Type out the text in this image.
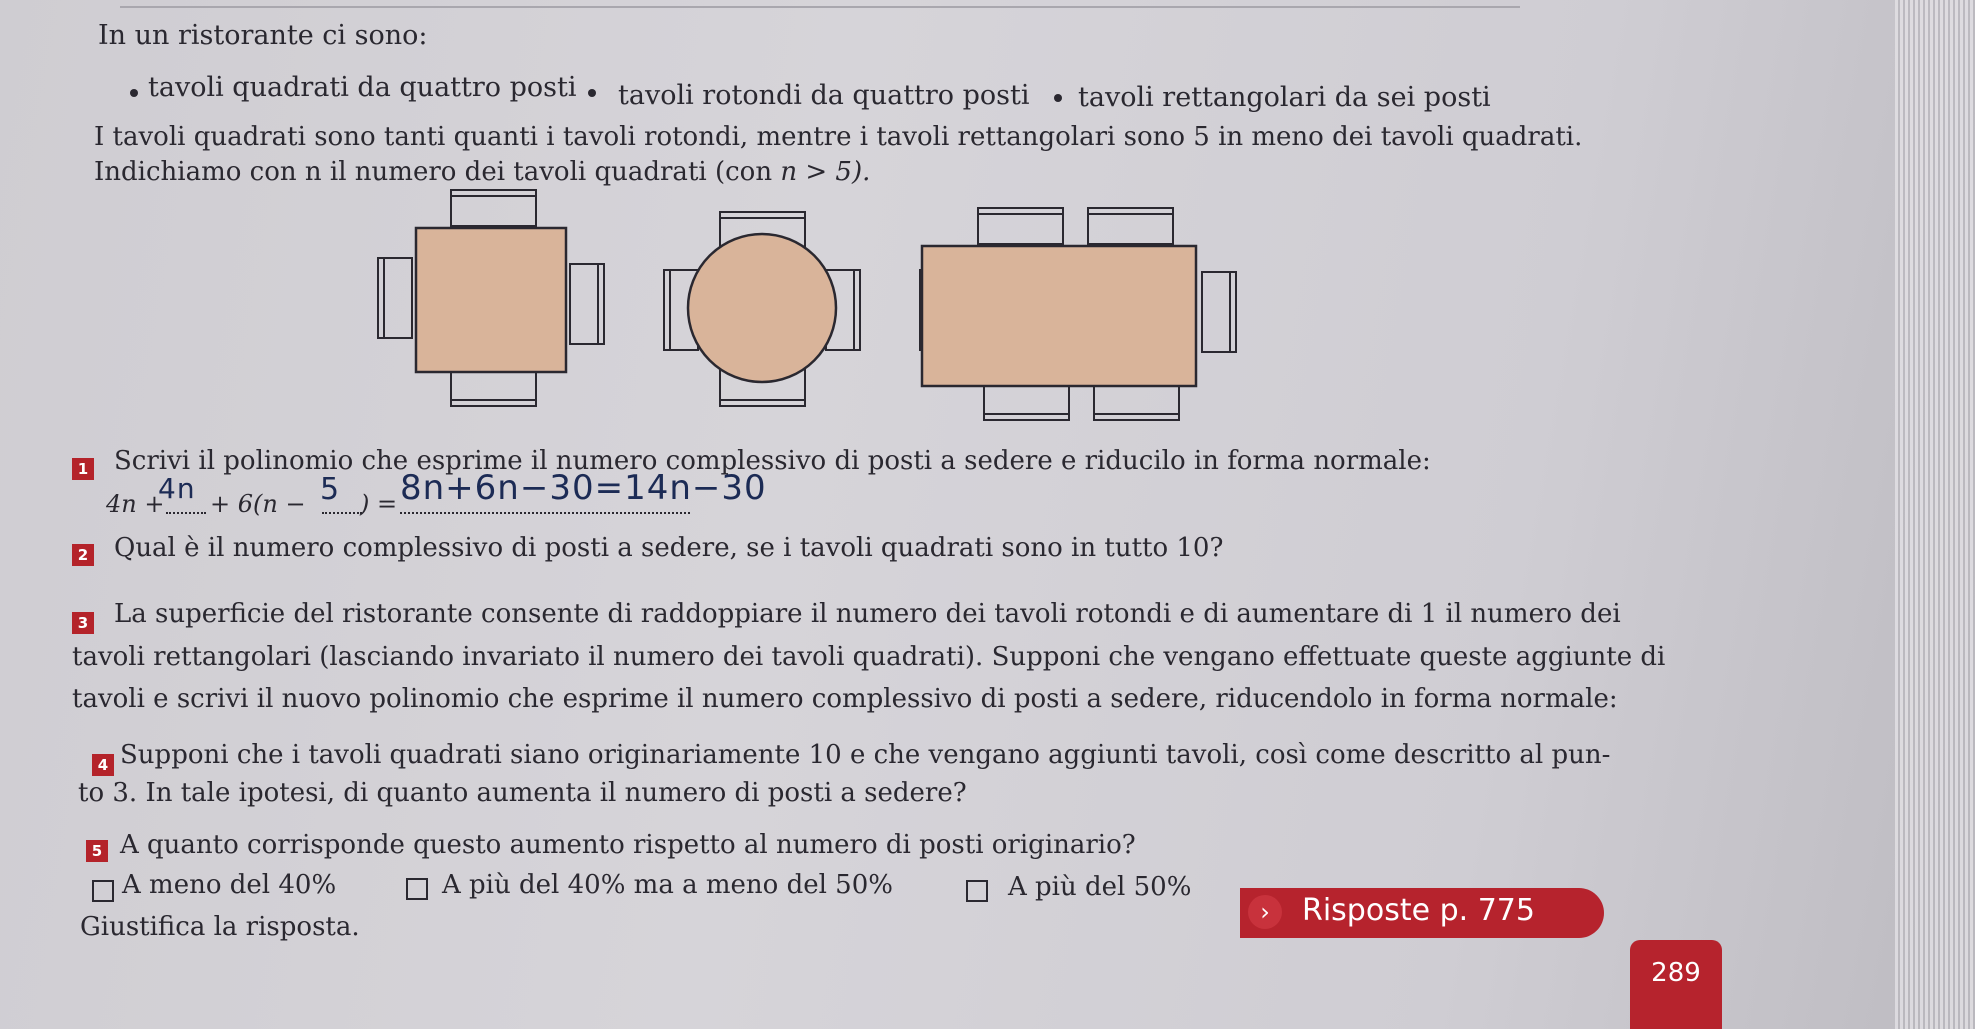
In un ristorante ci sono:
tavoli quadrati da quattro posti tavoli rotondi da quattro posti tavoli rettangolari da sei posti
I tavoli quadrati sono tanti quanti i tavoli rotondi, mentre i tavoli rettangolari sono 5 in meno dei tavoli quadrati.
Indichiamo con n il numero dei tavoli quadrati (con n > 5).
1 Scrivi il polinomio che esprime il numero complessivo di posti a sedere e riducilo in forma normale:
4n +
4n + 6(n − 5 ) = 8n+6n−30=14n−30
2 Qual è il numero complessivo di posti a sedere, se i tavoli quadrati sono in tutto 10?
3 La superficie del ristorante consente di raddoppiare il numero dei tavoli rotondi e di aumentare di 1 il numero dei
tavoli rettangolari (lasciando invariato il numero dei tavoli quadrati). Supponi che vengano effettuate queste aggiunte di
tavoli e scrivi il nuovo polinomio che esprime il numero complessivo di posti a sedere, riducendolo in forma normale:
4 Supponi che i tavoli quadrati siano originariamente 10 e che vengano aggiunti tavoli, così come descritto al pun-
to 3. In tale ipotesi, di quanto aumenta il numero di posti a sedere?
5 A quanto corrisponde questo aumento rispetto al numero di posti originario?
A meno del 40%	A più del 40% ma a meno del 50%	A più del 50%
Giustifica la risposta.	›	Risposte p. 775
289
